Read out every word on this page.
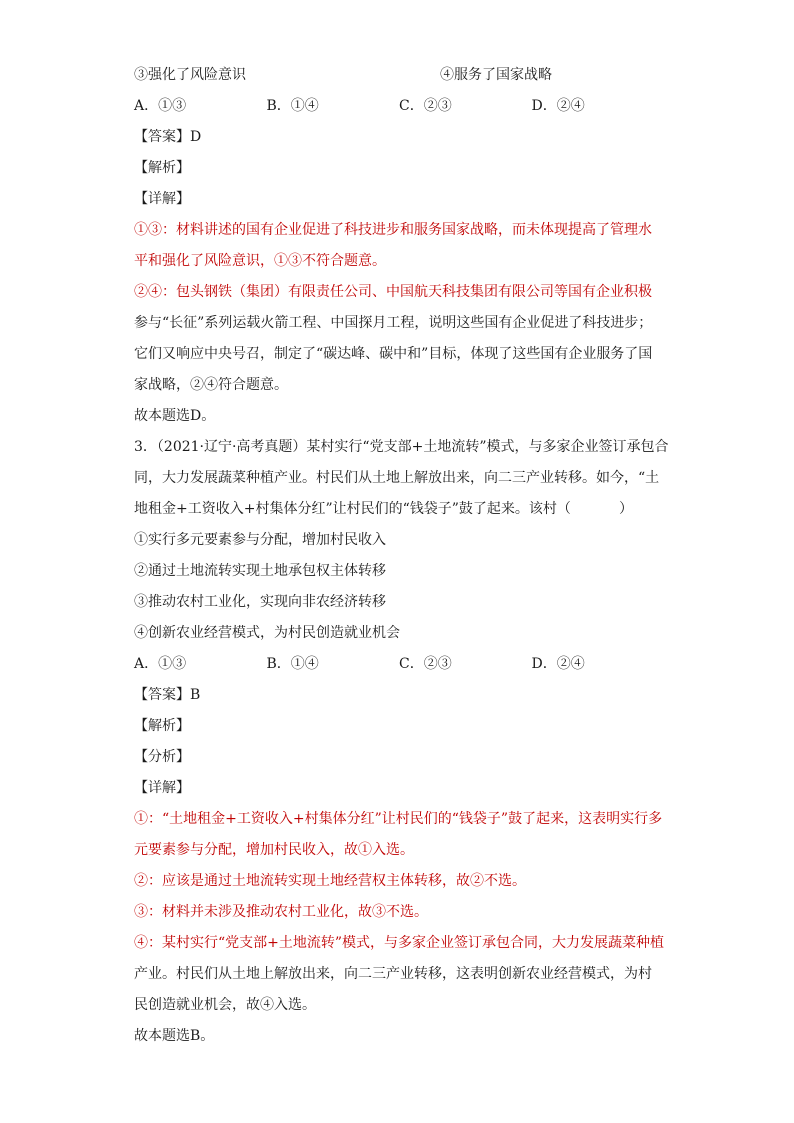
③强化了风险意识	④服务了国家战略
A．①③	B．①④	C．②③	D．②④
【答案】D
【解析】
【详解】
①③：材料讲述的国有企业促进了科技进步和服务国家战略，而未体现提高了管理水
平和强化了风险意识，①③不符合题意。
②④：包头钢铁（集团）有限责任公司、中国航天科技集团有限公司等国有企业积极
参与“长征”系列运载火箭工程、中国探月工程，说明这些国有企业促进了科技进步；
它们又响应中央号召，制定了“碳达峰、碳中和”目标，体现了这些国有企业服务了国
家战略，②④符合题意。
故本题选D。
3．（2021·辽宁·高考真题）某村实行“党支部+土地流转”模式，与多家企业签订承包合
同，大力发展蔬菜种植产业。村民们从土地上解放出来，向二三产业转移。如今，“土
地租金+工资收入+村集体分红”让村民们的“钱袋子”鼓了起来。该村（	）
①实行多元要素参与分配，增加村民收入
②通过土地流转实现土地承包权主体转移
③推动农村工业化，实现向非农经济转移
④创新农业经营模式，为村民创造就业机会
A．①③	B．①④	C．②③	D．②④
【答案】B
【解析】
【分析】
【详解】
①：“土地租金+工资收入+村集体分红”让村民们的“钱袋子”鼓了起来，这表明实行多
元要素参与分配，增加村民收入，故①入选。
②：应该是通过土地流转实现土地经营权主体转移，故②不选。
③：材料并未涉及推动农村工业化，故③不选。
④：某村实行“党支部+土地流转”模式，与多家企业签订承包合同，大力发展蔬菜种植
产业。村民们从土地上解放出来，向二三产业转移，这表明创新农业经营模式，为村
民创造就业机会，故④入选。
故本题选B。
